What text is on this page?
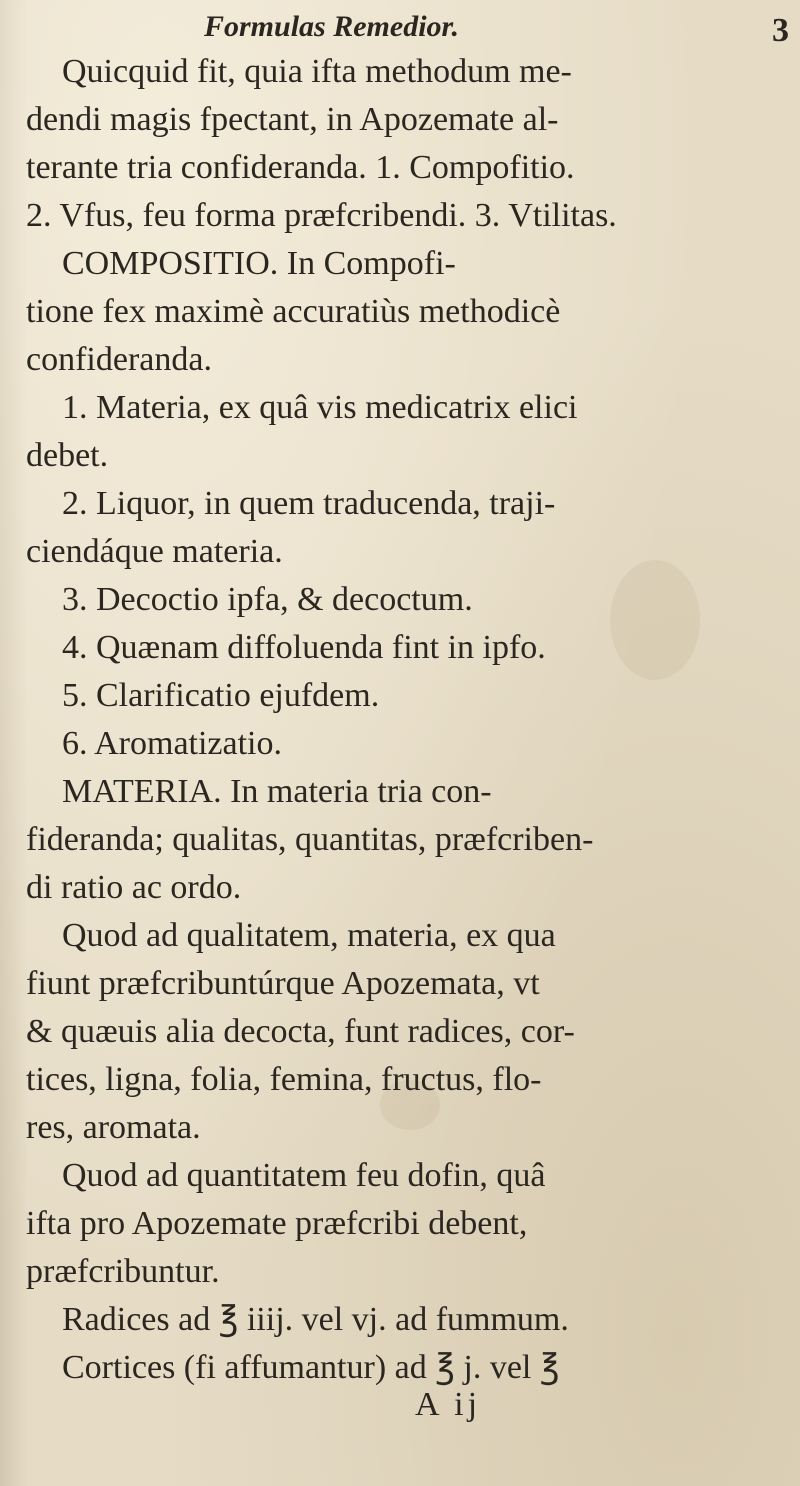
Formulas Remedior.	3
Quicquid fit, quia ifta methodum me-
dendi magis fpectant, in Apozemate al-
terante tria confideranda. 1. Compofitio.
2. Vfus, feu forma præfcribendi. 3. Vtilitas.
COMPOSITIO. In Compofi-
tione fex maximè accuratiùs methodicè
confideranda.
1. Materia, ex quâ vis medicatrix elici
debet.
2. Liquor, in quem traducenda, traji-
ciendáque materia.
3. Decoctio ipfa, & decoctum.
4. Quænam diffoluenda fint in ipfo.
5. Clarificatio ejufdem.
6. Aromatizatio.
MATERIA. In materia tria con-
fideranda; qualitas, quantitas, præfcriben-
di ratio ac ordo.
Quod ad qualitatem, materia, ex qua
fiunt præfcribuntúrque Apozemata, vt
& quæuis alia decocta, funt radices, cor-
tices, ligna, folia, femina, fructus, flo-
res, aromata.
Quod ad quantitatem feu dofin, quâ
ifta pro Apozemate præfcribi debent,
præfcribuntur.
Radices ad ℥ iiij. vel vj. ad fummum.
Cortices (fi affumantur) ad ℥ j. vel ℥
A ij
